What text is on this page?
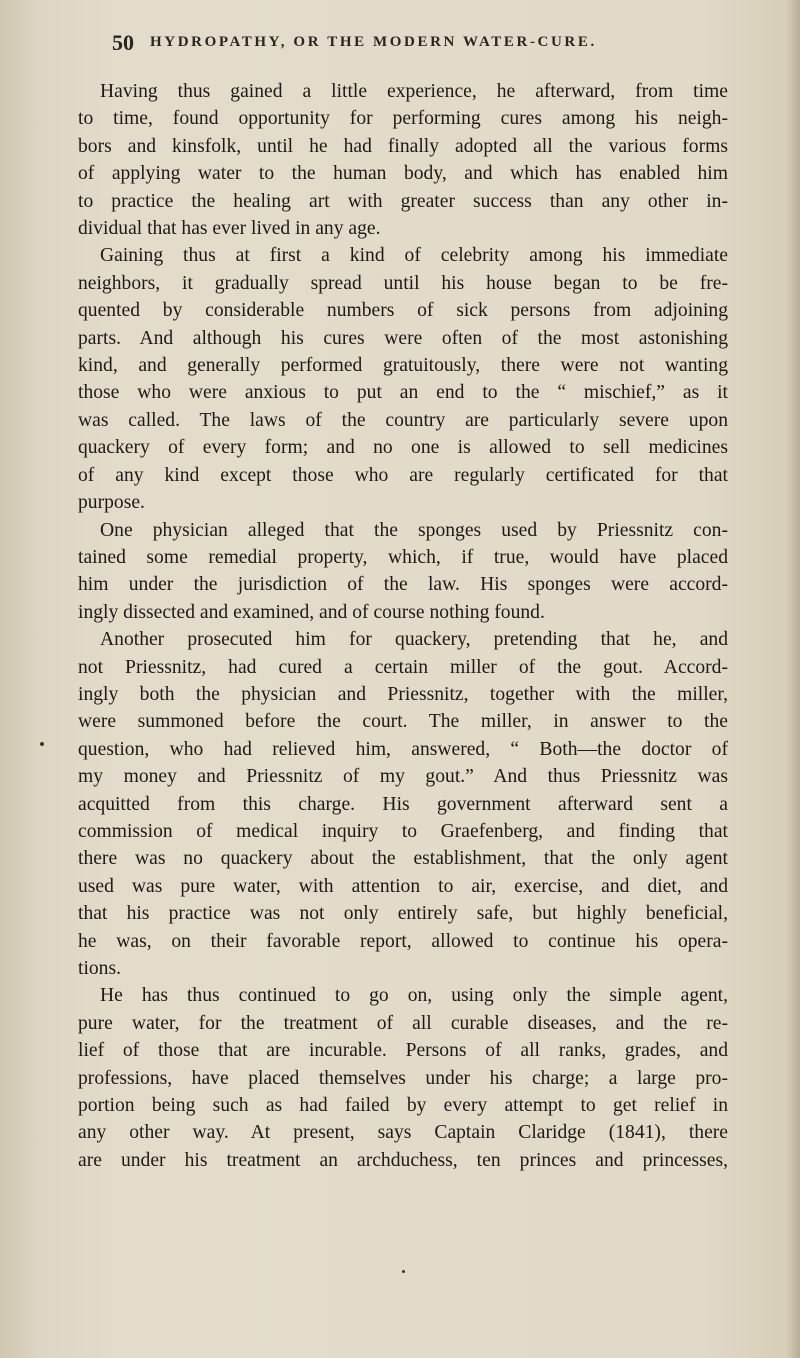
50 HYDROPATHY, OR THE MODERN WATER-CURE.
Having thus gained a little experience, he afterward, from time
to time, found opportunity for performing cures among his neigh-
bors and kinsfolk, until he had finally adopted all the various forms
of applying water to the human body, and which has enabled him
to practice the healing art with greater success than any other in-
dividual that has ever lived in any age.
Gaining thus at first a kind of celebrity among his immediate
neighbors, it gradually spread until his house began to be fre-
quented by considerable numbers of sick persons from adjoining
parts. And although his cures were often of the most astonishing
kind, and generally performed gratuitously, there were not wanting
those who were anxious to put an end to the “ mischief,” as it
was called. The laws of the country are particularly severe upon
quackery of every form; and no one is allowed to sell medicines
of any kind except those who are regularly certificated for that
purpose.
One physician alleged that the sponges used by Priessnitz con-
tained some remedial property, which, if true, would have placed
him under the jurisdiction of the law. His sponges were accord-
ingly dissected and examined, and of course nothing found.
Another prosecuted him for quackery, pretending that he, and
not Priessnitz, had cured a certain miller of the gout. Accord-
ingly both the physician and Priessnitz, together with the miller,
were summoned before the court. The miller, in answer to the
question, who had relieved him, answered, “ Both—the doctor of
my money and Priessnitz of my gout.” And thus Priessnitz was
acquitted from this charge. His government afterward sent a
commission of medical inquiry to Graefenberg, and finding that
there was no quackery about the establishment, that the only agent
used was pure water, with attention to air, exercise, and diet, and
that his practice was not only entirely safe, but highly beneficial,
he was, on their favorable report, allowed to continue his opera-
tions.
He has thus continued to go on, using only the simple agent,
pure water, for the treatment of all curable diseases, and the re-
lief of those that are incurable. Persons of all ranks, grades, and
professions, have placed themselves under his charge; a large pro-
portion being such as had failed by every attempt to get relief in
any other way. At present, says Captain Claridge (1841), there
are under his treatment an archduchess, ten princes and princesses,
